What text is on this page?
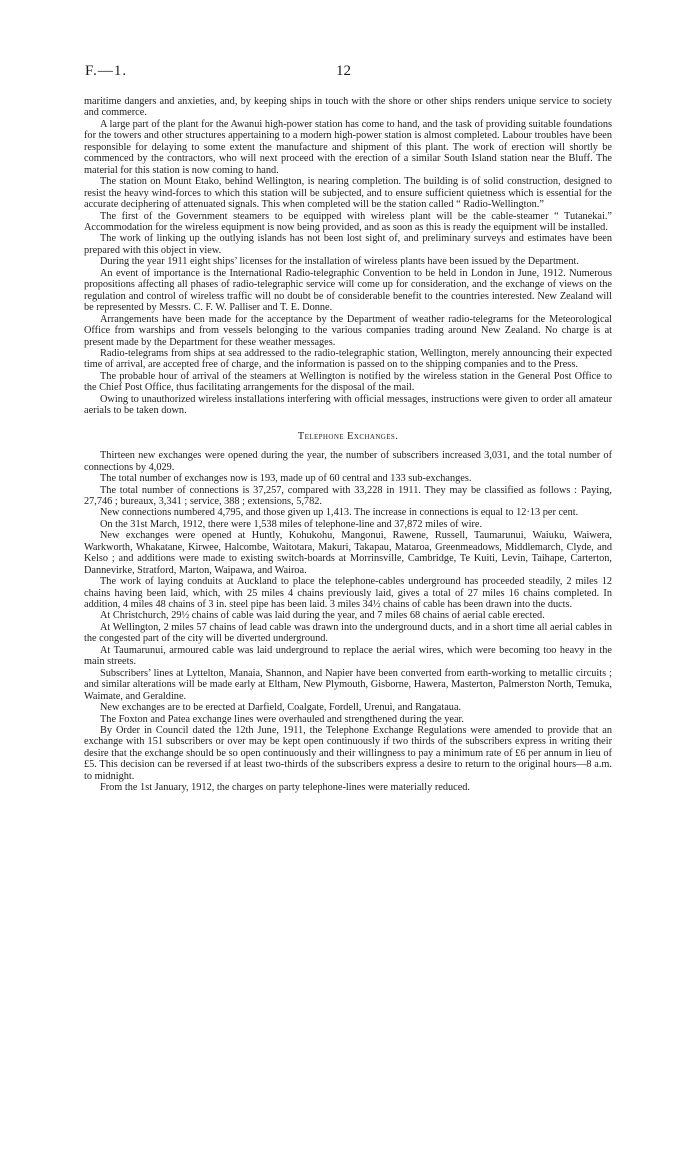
F.—1.	12

maritime dangers and anxieties, and, by keeping ships in touch with the shore or other ships renders unique service to society and commerce.

A large part of the plant for the Awanui high-power station has come to hand, and the task of providing suitable foundations for the towers and other structures appertaining to a modern high-power station is almost completed. Labour troubles have been responsible for delaying to some extent the manufacture and shipment of this plant. The work of erection will shortly be commenced by the contractors, who will next proceed with the erection of a similar South Island station near the Bluff. The material for this station is now coming to hand.

The station on Mount Etako, behind Wellington, is nearing completion. The building is of solid construction, designed to resist the heavy wind-forces to which this station will be subjected, and to ensure sufficient quietness which is essential for the accurate deciphering of attenuated signals. This when completed will be the station called “ Radio-Wellington.”

The first of the Government steamers to be equipped with wireless plant will be the cable-steamer “ Tutanekai.” Accommodation for the wireless equipment is now being provided, and as soon as this is ready the equipment will be installed.

The work of linking up the outlying islands has not been lost sight of, and preliminary surveys and estimates have been prepared with this object in view.

During the year 1911 eight ships’ licenses for the installation of wireless plants have been issued by the Department.

An event of importance is the International Radio-telegraphic Convention to be held in London in June, 1912. Numerous propositions affecting all phases of radio-telegraphic service will come up for consideration, and the exchange of views on the regulation and control of wireless traffic will no doubt be of considerable benefit to the countries interested. New Zealand will be represented by Messrs. C. F. W. Palliser and T. E. Donne.

Arrangements have been made for the acceptance by the Department of weather radio-telegrams for the Meteorological Office from warships and from vessels belonging to the various companies trading around New Zealand. No charge is at present made by the Department for these weather messages.

Radio-telegrams from ships at sea addressed to the radio-telegraphic station, Wellington, merely announcing their expected time of arrival, are accepted free of charge, and the information is passed on to the shipping companies and to the Press.

The probable hour of arrival of the steamers at Wellington is notified by the wireless station in the General Post Office to the Chief Post Office, thus facilitating arrangements for the disposal of the mail.

Owing to unauthorized wireless installations interfering with official messages, instructions were given to order all amateur aerials to be taken down.

Telephone Exchanges.

Thirteen new exchanges were opened during the year, the number of subscribers increased 3,031, and the total number of connections by 4,029.

The total number of exchanges now is 193, made up of 60 central and 133 sub-exchanges.

The total number of connections is 37,257, compared with 33,228 in 1911. They may be classified as follows : Paying, 27,746 ; bureaux, 3,341 ; service, 388 ; extensions, 5,782.

New connections numbered 4,795, and those given up 1,413. The increase in connections is equal to 12·13 per cent.

On the 31st March, 1912, there were 1,538 miles of telephone-line and 37,872 miles of wire.

New exchanges were opened at Huntly, Kohukohu, Mangonui, Rawene, Russell, Taumarunui, Waiuku, Waiwera, Warkworth, Whakatane, Kirwee, Halcombe, Waitotara, Makuri, Takapau, Mataroa, Greenmeadows, Middlemarch, Clyde, and Kelso ; and additions were made to existing switch-boards at Morrinsville, Cambridge, Te Kuiti, Levin, Taihape, Carterton, Dannevirke, Stratford, Marton, Waipawa, and Wairoa.

The work of laying conduits at Auckland to place the telephone-cables underground has proceeded steadily, 2 miles 12 chains having been laid, which, with 25 miles 4 chains previously laid, gives a total of 27 miles 16 chains completed. In addition, 4 miles 48 chains of 3 in. steel pipe has been laid. 3 miles 34½ chains of cable has been drawn into the ducts.

At Christchurch, 29½ chains of cable was laid during the year, and 7 miles 68 chains of aerial cable erected.

At Wellington, 2 miles 57 chains of lead cable was drawn into the underground ducts, and in a short time all aerial cables in the congested part of the city will be diverted underground.

At Taumarunui, armoured cable was laid underground to replace the aerial wires, which were becoming too heavy in the main streets.

Subscribers’ lines at Lyttelton, Manaia, Shannon, and Napier have been converted from earth-working to metallic circuits ; and similar alterations will be made early at Eltham, New Plymouth, Gisborne, Hawera, Masterton, Palmerston North, Temuka, Waimate, and Geraldine.

New exchanges are to be erected at Darfield, Coalgate, Fordell, Urenui, and Rangataua.

The Foxton and Patea exchange lines were overhauled and strengthened during the year.

By Order in Council dated the 12th June, 1911, the Telephone Exchange Regulations were amended to provide that an exchange with 151 subscribers or over may be kept open continuously if two thirds of the subscribers express in writing their desire that the exchange should be so open continuously and their willingness to pay a minimum rate of £6 per annum in lieu of £5. This decision can be reversed if at least two-thirds of the subscribers express a desire to return to the original hours—8 a.m. to midnight.

From the 1st January, 1912, the charges on party telephone-lines were materially reduced.
